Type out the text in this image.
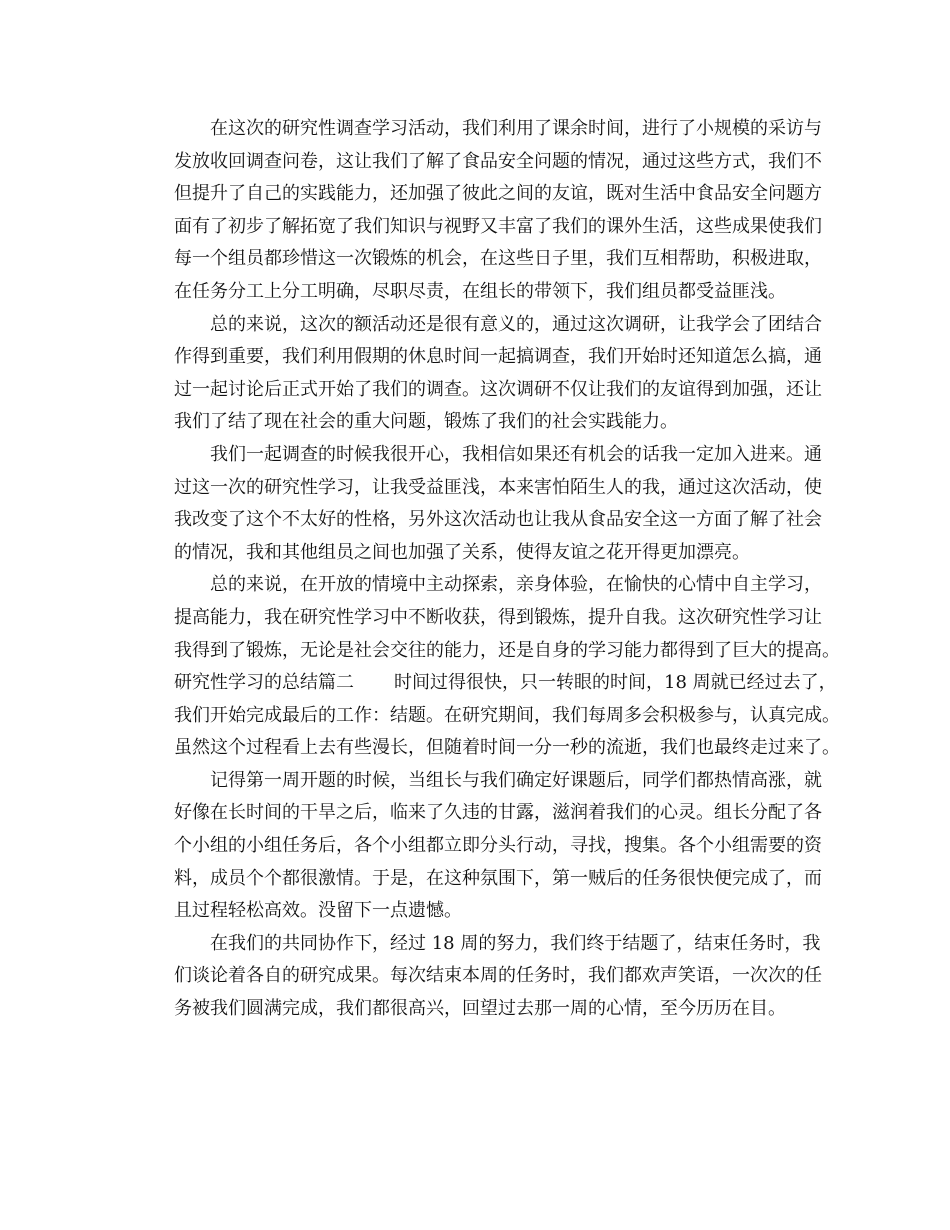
在这次的研究性调查学习活动，我们利用了课余时间，进行了小规模的采访与
发放收回调查问卷，这让我们了解了食品安全问题的情况，通过这些方式，我们不
但提升了自己的实践能力，还加强了彼此之间的友谊，既对生活中食品安全问题方
面有了初步了解拓宽了我们知识与视野又丰富了我们的课外生活，这些成果使我们
每一个组员都珍惜这一次锻炼的机会，在这些日子里，我们互相帮助，积极进取，
在任务分工上分工明确，尽职尽责，在组长的带领下，我们组员都受益匪浅。
总的来说，这次的额活动还是很有意义的，通过这次调研，让我学会了团结合
作得到重要，我们利用假期的休息时间一起搞调查，我们开始时还知道怎么搞，通
过一起讨论后正式开始了我们的调查。这次调研不仅让我们的友谊得到加强，还让
我们了结了现在社会的重大问题，锻炼了我们的社会实践能力。
我们一起调查的时候我很开心，我相信如果还有机会的话我一定加入进来。通
过这一次的研究性学习，让我受益匪浅，本来害怕陌生人的我，通过这次活动，使
我改变了这个不太好的性格，另外这次活动也让我从食品安全这一方面了解了社会
的情况，我和其他组员之间也加强了关系，使得友谊之花开得更加漂亮。
总的来说，在开放的情境中主动探索，亲身体验，在愉快的心情中自主学习，
提高能力，我在研究性学习中不断收获，得到锻炼，提升自我。这次研究性学习让
我得到了锻炼，无论是社会交往的能力，还是自身的学习能力都得到了巨大的提高。
研究性学习的总结篇二 时间过得很快，只一转眼的时间，18 周就已经过去了，
我们开始完成最后的工作：结题。在研究期间，我们每周多会积极参与，认真完成。
虽然这个过程看上去有些漫长，但随着时间一分一秒的流逝，我们也最终走过来了。
记得第一周开题的时候，当组长与我们确定好课题后，同学们都热情高涨，就
好像在长时间的干旱之后，临来了久违的甘露，滋润着我们的心灵。组长分配了各
个小组的小组任务后，各个小组都立即分头行动，寻找，搜集。各个小组需要的资
料，成员个个都很激情。于是，在这种氛围下，第一贼后的任务很快便完成了，而
且过程轻松高效。没留下一点遗憾。
在我们的共同协作下，经过 18 周的努力，我们终于结题了，结束任务时，我
们谈论着各自的研究成果。每次结束本周的任务时，我们都欢声笑语，一次次的任
务被我们圆满完成，我们都很高兴，回望过去那一周的心情，至今历历在目。
